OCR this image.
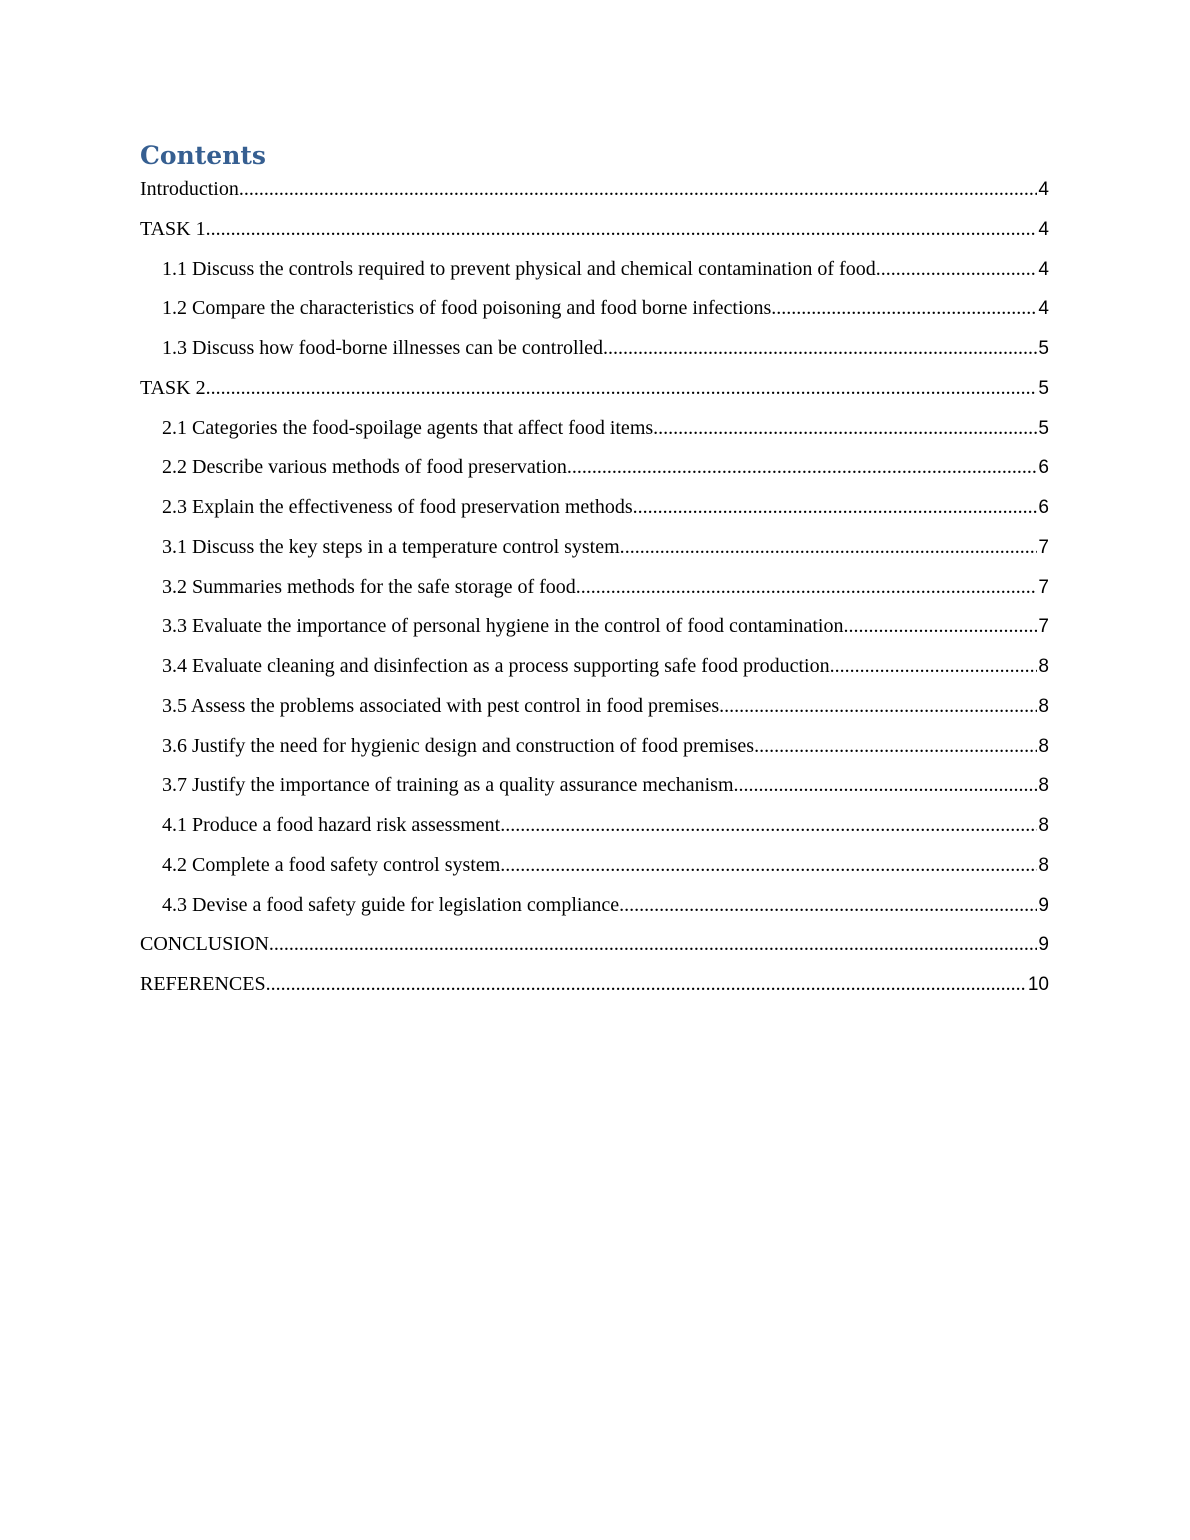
Contents
Introduction .....	4
TASK 1 .....	4
1.1 Discuss the controls required to prevent physical and chemical contamination of food. .....	4
1.2 Compare the characteristics of food poisoning and food borne infections. .....	4
1.3 Discuss how food-borne illnesses can be controlled. .....	5
TASK 2 .....	5
2.1 Categories the food-spoilage agents that affect food items. .....	5
2.2 Describe various methods of food preservation .....	6
2.3 Explain the effectiveness of food preservation methods .....	6
3.1 Discuss the key steps in a temperature control system. .....	7
3.2 Summaries methods for the safe storage of food. .....	7
3.3 Evaluate the importance of personal hygiene in the control of food contamination. .....	7
3.4 Evaluate cleaning and disinfection as a process supporting safe food production. .....	8
3.5 Assess the problems associated with pest control in food premises. .....	8
3.6 Justify the need for hygienic design and construction of food premises. .....	8
3.7 Justify the importance of training as a quality assurance mechanism. .....	8
4.1 Produce a food hazard risk assessment. .....	8
4.2 Complete a food safety control system. .....	8
4.3 Devise a food safety guide for legislation compliance. .....	9
CONCLUSION .....	9
REFERENCES .....	10
